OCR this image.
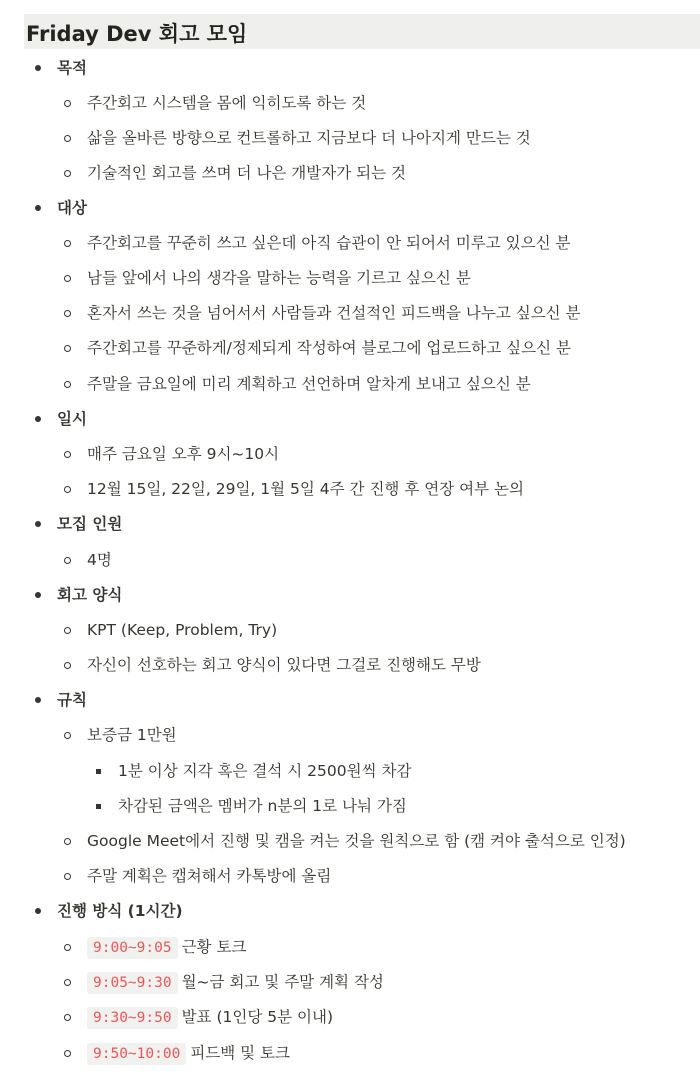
Friday Dev 회고 모임
목적
주간회고 시스템을 몸에 익히도록 하는 것
삶을 올바른 방향으로 컨트롤하고 지금보다 더 나아지게 만드는 것
기술적인 회고를 쓰며 더 나은 개발자가 되는 것
대상
주간회고를 꾸준히 쓰고 싶은데 아직 습관이 안 되어서 미루고 있으신 분
남들 앞에서 나의 생각을 말하는 능력을 기르고 싶으신 분
혼자서 쓰는 것을 넘어서서 사람들과 건설적인 피드백을 나누고 싶으신 분
주간회고를 꾸준하게/정제되게 작성하여 블로그에 업로드하고 싶으신 분
주말을 금요일에 미리 계획하고 선언하며 알차게 보내고 싶으신 분
일시
매주 금요일 오후 9시~10시
12월 15일, 22일, 29일, 1월 5일 4주 간 진행 후 연장 여부 논의
모집 인원
4명
회고 양식
KPT (Keep, Problem, Try)
자신이 선호하는 회고 양식이 있다면 그걸로 진행해도 무방
규칙
보증금 1만원
1분 이상 지각 혹은 결석 시 2500원씩 차감
차감된 금액은 멤버가 n분의 1로 나눠 가짐
Google Meet에서 진행 및 캠을 켜는 것을 원칙으로 함 (캠 켜야 출석으로 인정)
주말 계획은 캡쳐해서 카톡방에 올림
진행 방식 (1시간)
9:00~9:05 근황 토크
9:05~9:30 월~금 회고 및 주말 계획 작성
9:30~9:50 발표 (1인당 5분 이내)
9:50~10:00 피드백 및 토크
